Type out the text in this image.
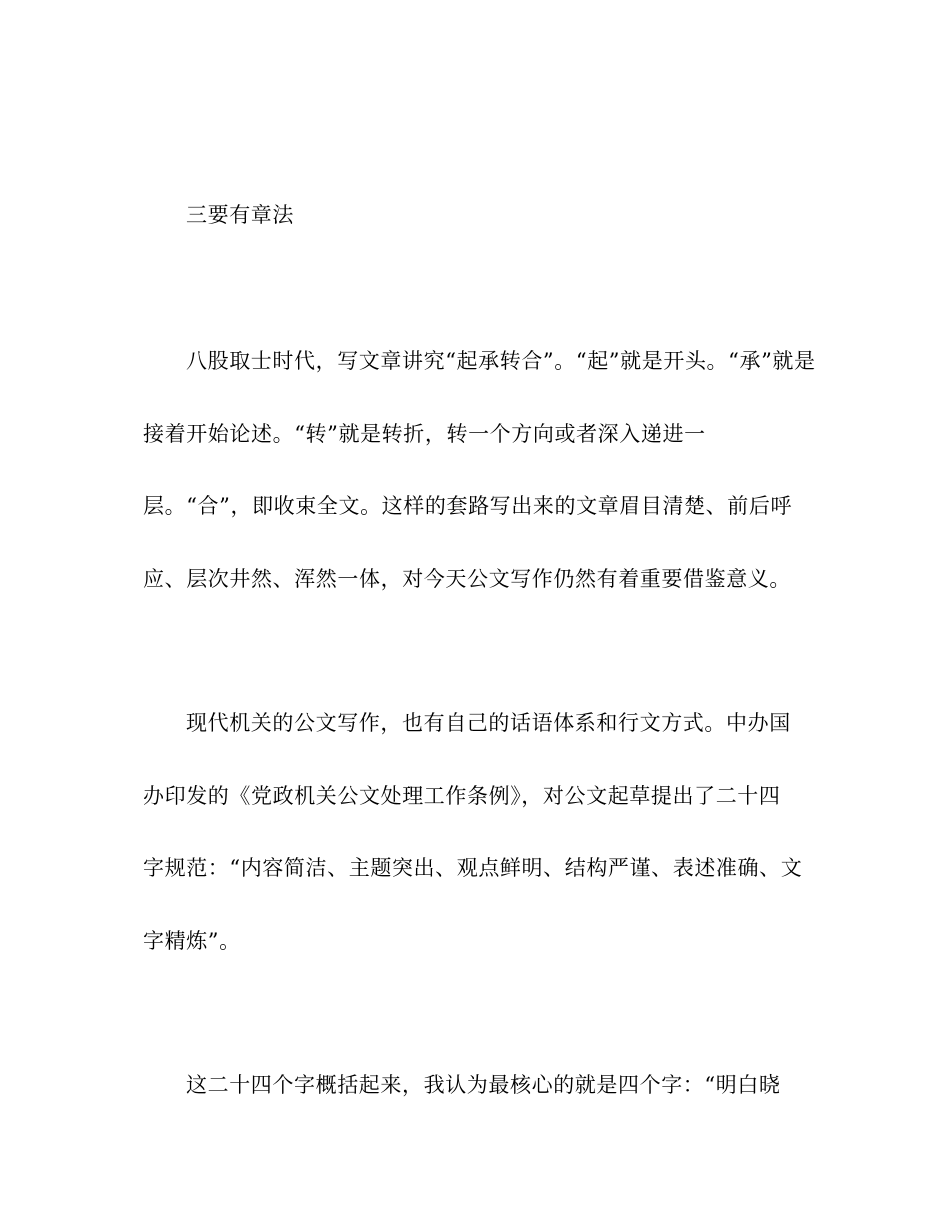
三要有章法
八股取士时代，写文章讲究“起承转合”。“起”就是开头。“承”就是
接着开始论述。“转”就是转折，转一个方向或者深入递进一
层。“合”，即收束全文。这样的套路写出来的文章眉目清楚、前后呼
应、层次井然、浑然一体，对今天公文写作仍然有着重要借鉴意义。
现代机关的公文写作，也有自己的话语体系和行文方式。中办国
办印发的《党政机关公文处理工作条例》，对公文起草提出了二十四
字规范：“内容简洁、主题突出、观点鲜明、结构严谨、表述准确、文
字精炼”。
这二十四个字概括起来，我认为最核心的就是四个字：“明白晓
